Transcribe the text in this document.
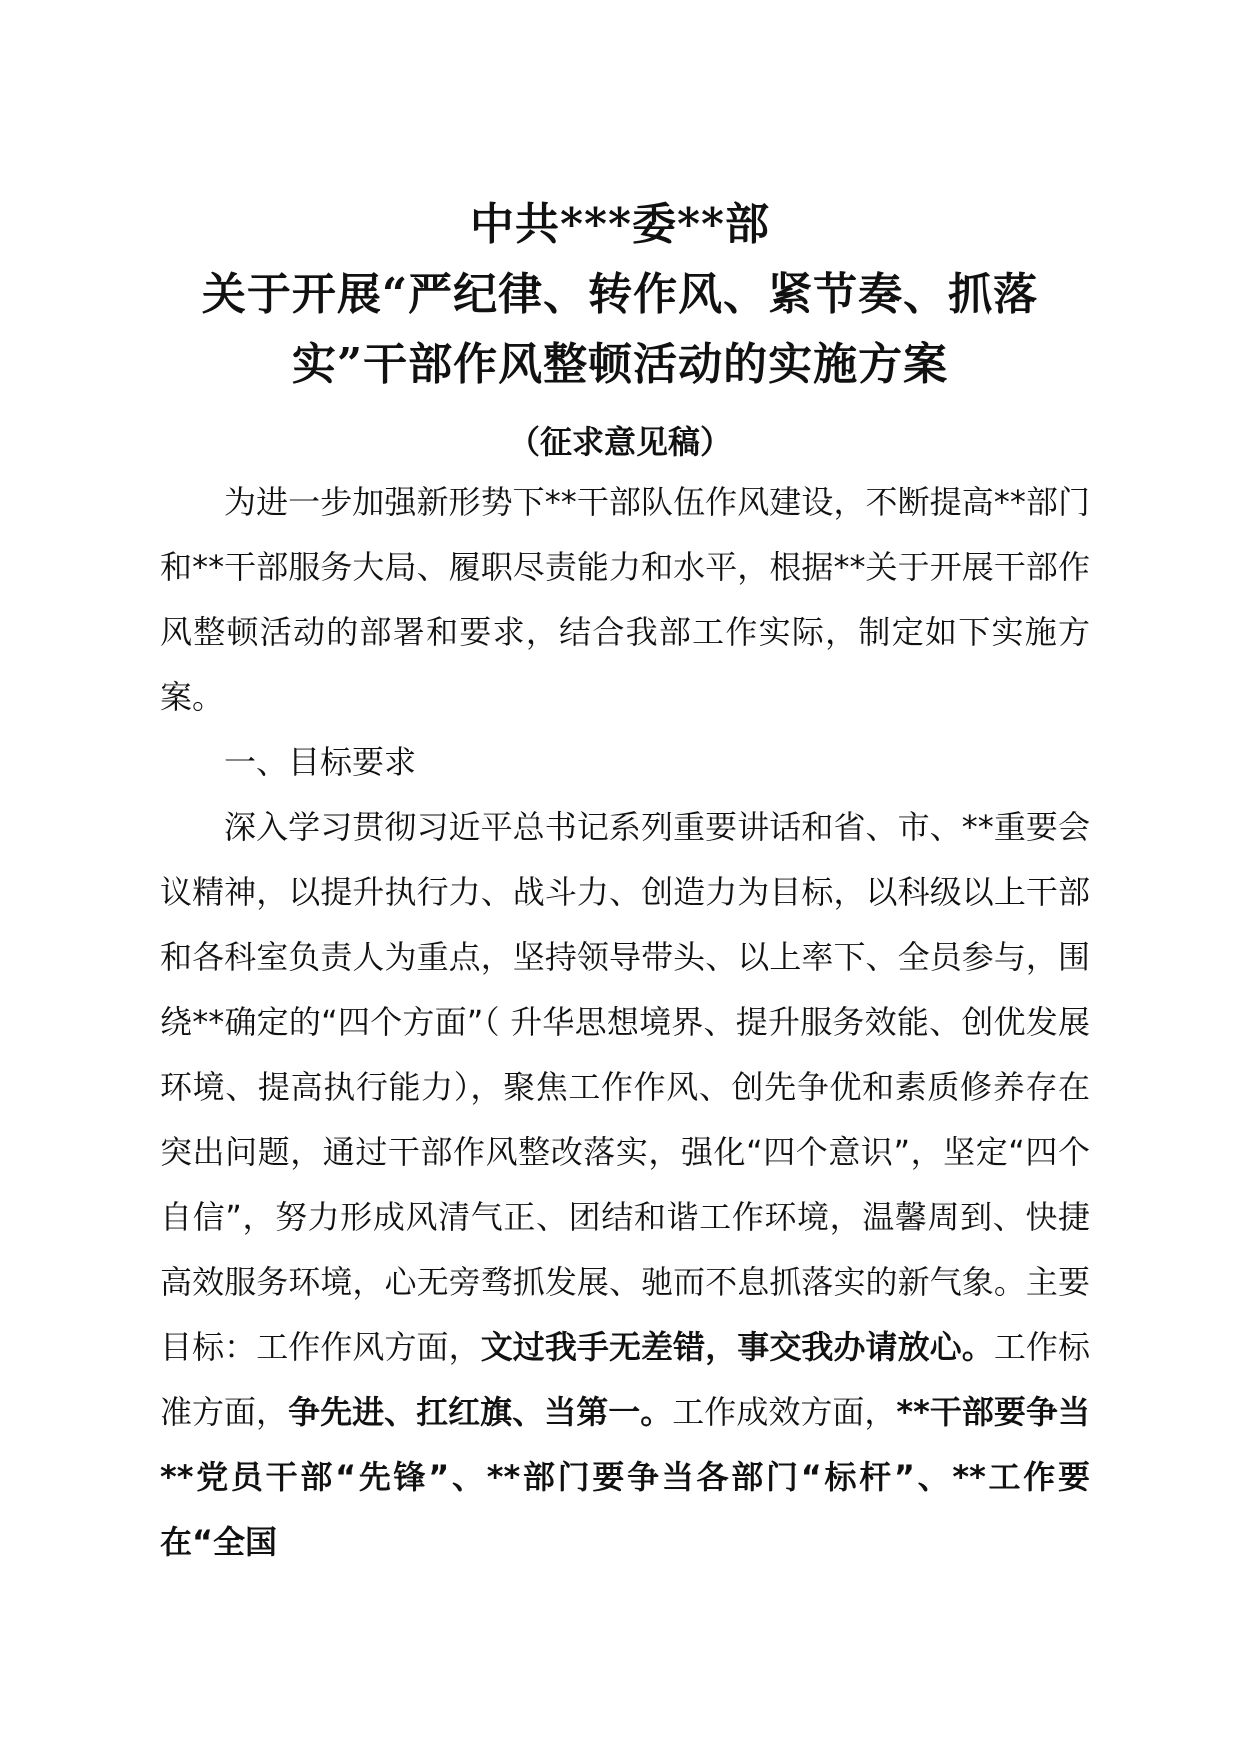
中共***委**部
关于开展“严纪律、转作风、紧节奏、抓落
实”干部作风整顿活动的实施方案
（征求意见稿）
为进一步加强新形势下**干部队伍作风建设，不断提高**部门和**干部服务大局、履职尽责能力和水平，根据**关于开展干部作风整顿活动的部署和要求，结合我部工作实际，制定如下实施方案。
一、目标要求
深入学习贯彻习近平总书记系列重要讲话和省、市、**重要会议精神，以提升执行力、战斗力、创造力为目标，以科级以上干部和各科室负责人为重点，坚持领导带头、以上率下、全员参与，围绕**确定的“四个方面”（ 升华思想境界、提升服务效能、创优发展环境、提高执行能力），聚焦工作作风、创先争优和素质修养存在突出问题，通过干部作风整改落实，强化“四个意识”，坚定“四个自信”，努力形成风清气正、团结和谐工作环境，温馨周到、快捷高效服务环境，心无旁骛抓发展、驰而不息抓落实的新气象。主要目标：工作作风方面，文过我手无差错，事交我办请放心。工作标准方面，争先进、扛红旗、当第一。工作成效方面，**干部要争当**党员干部“先锋”、**部门要争当各部门“标杆”、**工作要在“全国
